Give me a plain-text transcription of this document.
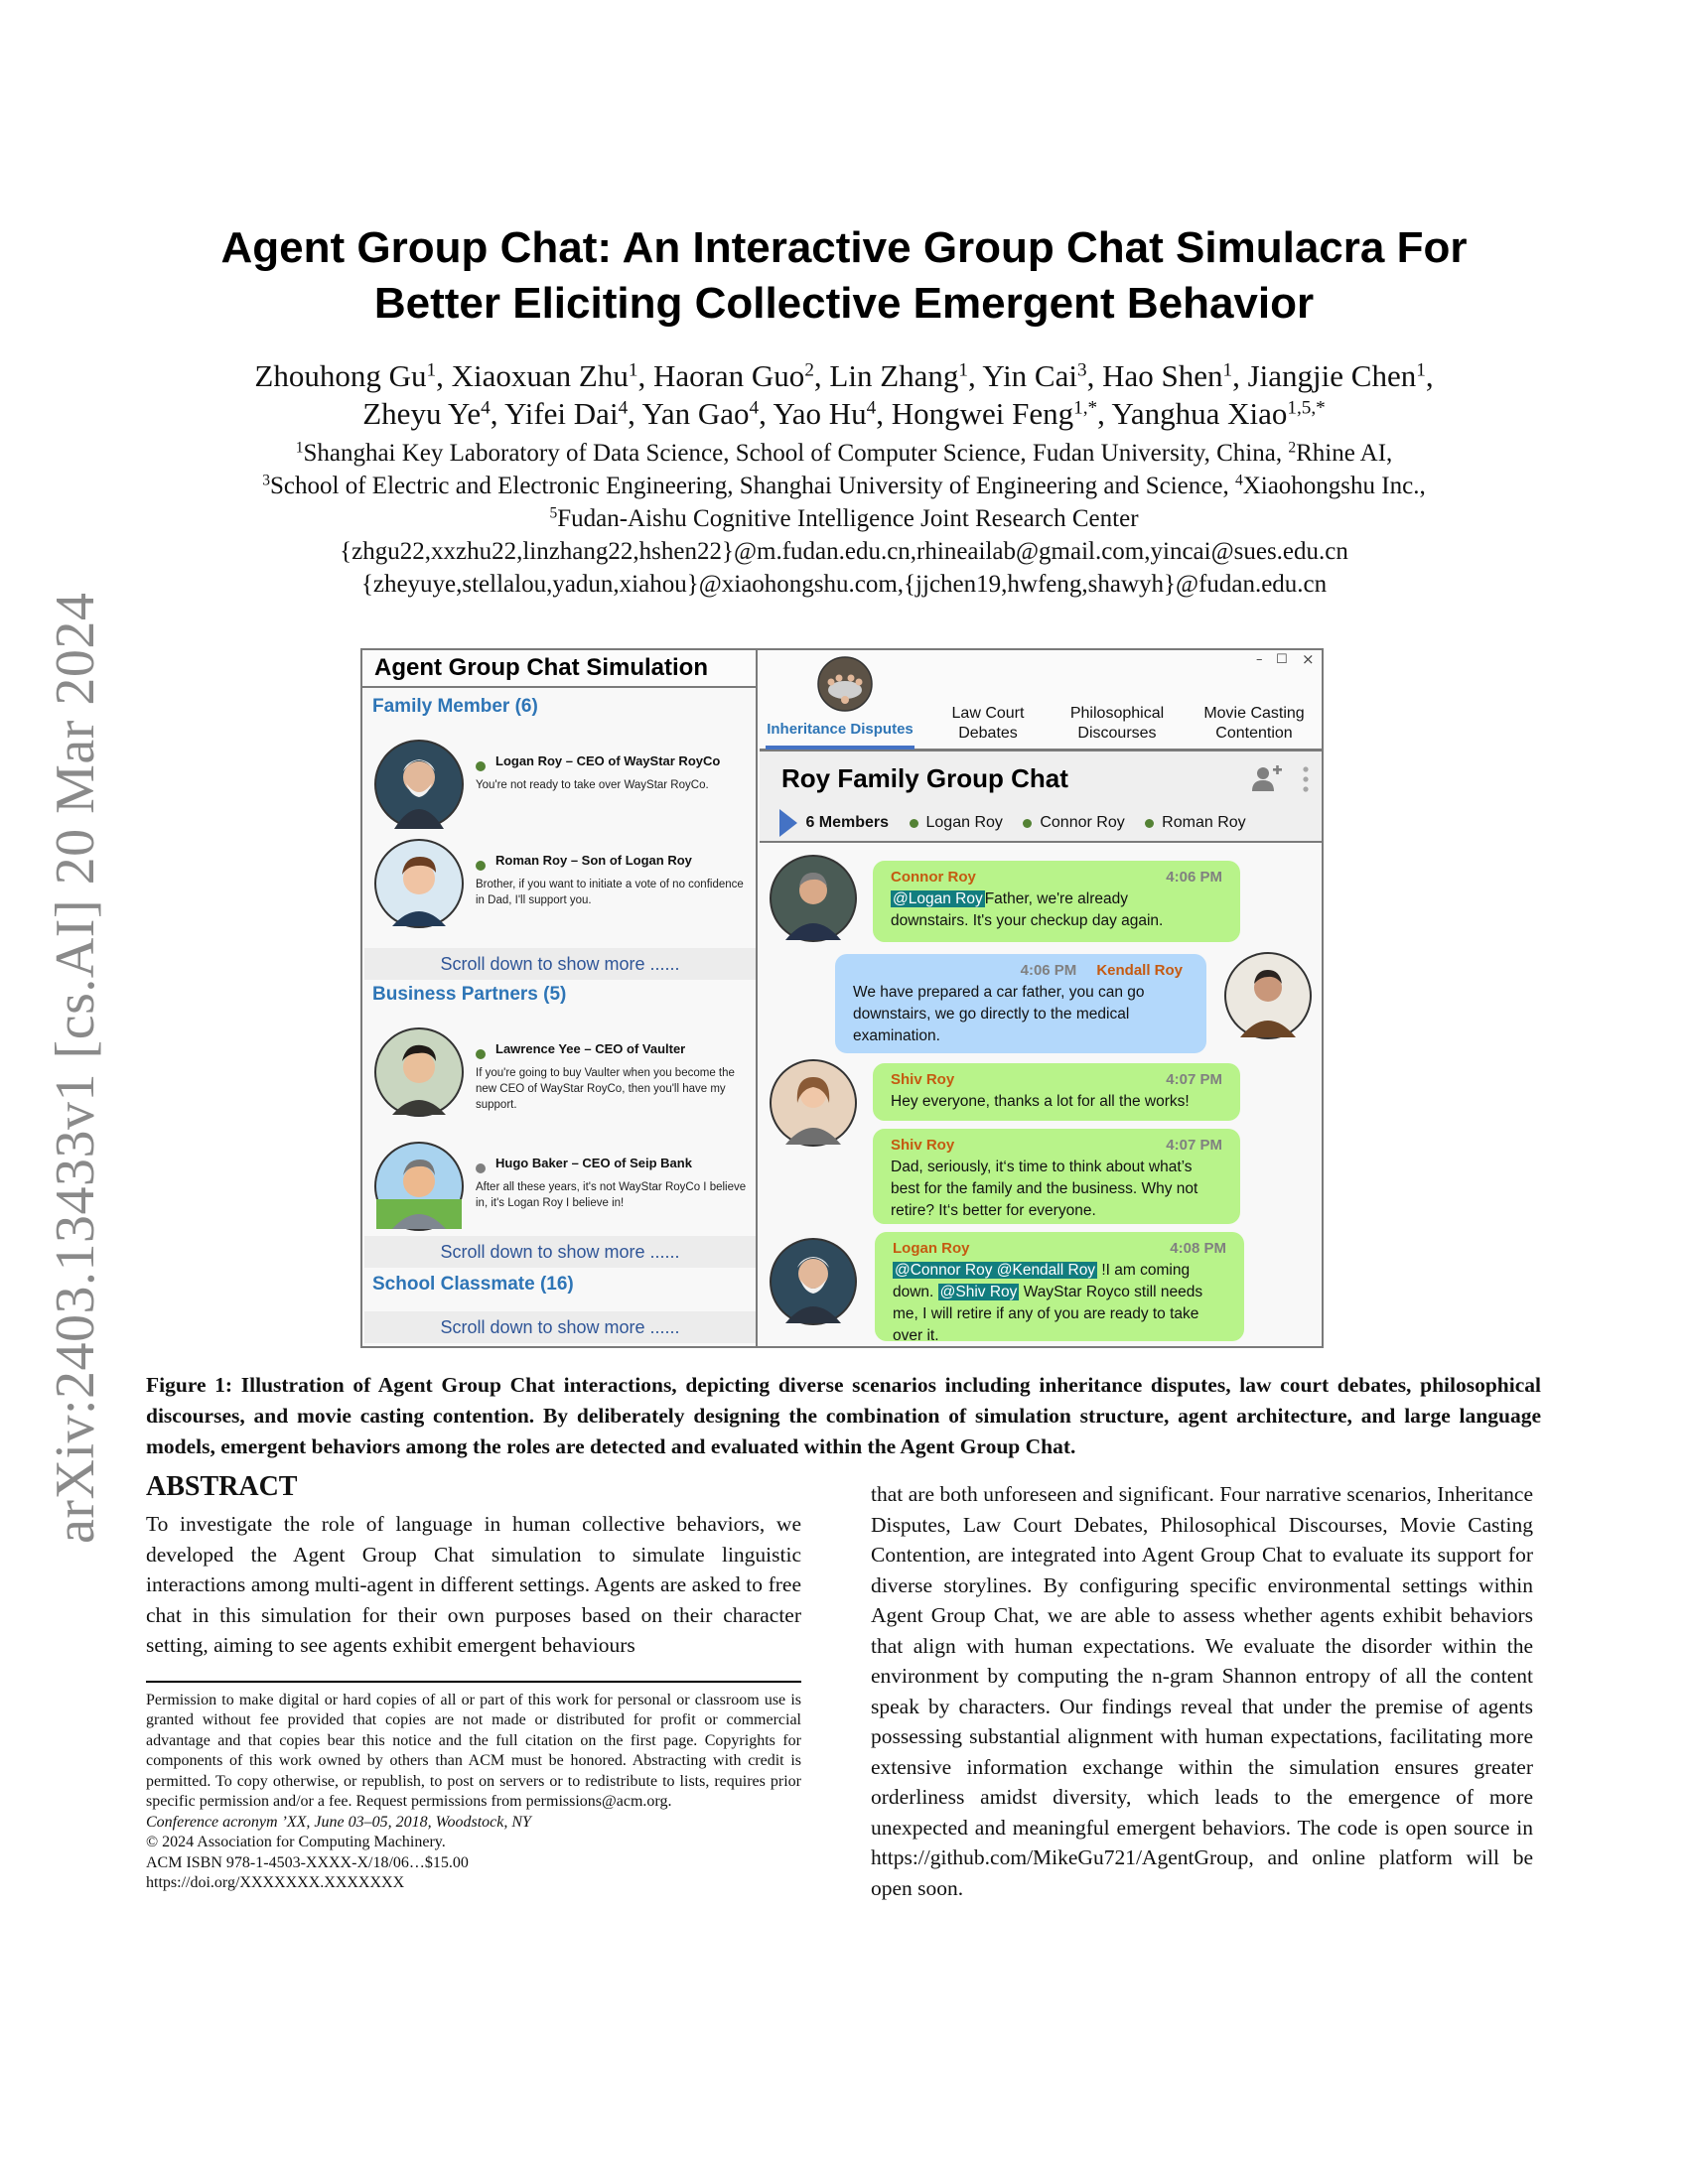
arXiv:2403.13433v1 [cs.AI] 20 Mar 2024
Agent Group Chat: An Interactive Group Chat Simulacra For
Better Eliciting Collective Emergent Behavior
Zhouhong Gu$^1$, Xiaoxuan Zhu$^1$, Haoran Guo$^2$, Lin Zhang$^1$, Yin Cai$^3$, Hao Shen$^1$, Jiangjie Chen$^1$,
Zheyu Ye$^4$, Yifei Dai$^4$, Yan Gao$^4$, Yao Hu$^4$, Hongwei Feng$^{1,*}$, Yanghua Xiao$^{1,5,*}$
$^1$Shanghai Key Laboratory of Data Science, School of Computer Science, Fudan University, China, $^2$Rhine AI,
$^3$School of Electric and Electronic Engineering, Shanghai University of Engineering and Science, $^4$Xiaohongshu Inc.,
$^5$Fudan-Aishu Cognitive Intelligence Joint Research Center
{zhgu22,xxzhu22,linzhang22,hshen22}@m.fudan.edu.cn,rhineailab@gmail.com,yincai@sues.edu.cn
{zheyuye,stellalou,yadun,xiahou}@xiaohongshu.com,{jjchen19,hwfeng,shawyh}@fudan.edu.cn
Agent Group Chat Simulation
Family Member (6)
Logan Roy – CEO of WayStar RoyCo
You're not ready to take over WayStar RoyCo.
Roman Roy – Son of Logan Roy
Brother, if you want to initiate a vote of no confidence in Dad, I'll support you.
Scroll down to show more ......
Business Partners (5)
Lawrence Yee – CEO of Vaulter
If you're going to buy Vaulter when you become the new CEO of WayStar RoyCo, then you'll have my support.
Hugo Baker – CEO of Seip Bank
After all these years, it's not WayStar RoyCo I believe in, it's Logan Roy I believe in!
Scroll down to show more ......
School Classmate (16)
Scroll down to show more ......
Inheritance Disputes
Law Court
Debates
Philosophical
Discourses
Movie Casting
Contention
– ☐ ×
Roy Family Group Chat
6 Members Logan Roy Connor Roy Roman Roy
Connor Roy	4:06 PM
@Logan Roy Father, we're already
downstairs. It's your checkup day again.
4:06 PM Kendall Roy
We have prepared a car father, you can go downstairs, we go directly to the medical examination.
Shiv Roy	4:07 PM
Hey everyone, thanks a lot for all the works!
Shiv Roy	4:07 PM
Dad, seriously, it‘s time to think about what’s best for the family and the business. Why not retire? It‘s better for everyone.
Logan Roy	4:08 PM
@Connor Roy @Kendall Roy !I am coming down. @Shiv Roy WayStar Royco still needs me, I will retire if any of you are ready to take over it.
Figure 1: Illustration of Agent Group Chat interactions, depicting diverse scenarios including inheritance disputes, law court debates, philosophical discourses, and movie casting contention. By deliberately designing the combination of simulation structure, agent architecture, and large language models, emergent behaviors among the roles are detected and evaluated within the Agent Group Chat.
ABSTRACT
To investigate the role of language in human collective behaviors, we developed the Agent Group Chat simulation to simulate linguistic interactions among multi-agent in different settings. Agents are asked to free chat in this simulation for their own purposes based on their character setting, aiming to see agents exhibit emergent behaviours
Permission to make digital or hard copies of all or part of this work for personal or classroom use is granted without fee provided that copies are not made or distributed for profit or commercial advantage and that copies bear this notice and the full citation on the first page. Copyrights for components of this work owned by others than ACM must be honored. Abstracting with credit is permitted. To copy otherwise, or republish, to post on servers or to redistribute to lists, requires prior specific permission and/or a fee. Request permissions from permissions@acm.org.
Conference acronym ’XX, June 03–05, 2018, Woodstock, NY
© 2024 Association for Computing Machinery.
ACM ISBN 978-1-4503-XXXX-X/18/06…$15.00
https://doi.org/XXXXXXX.XXXXXXX
that are both unforeseen and significant. Four narrative scenarios, Inheritance Disputes, Law Court Debates, Philosophical Discourses, Movie Casting Contention, are integrated into Agent Group Chat to evaluate its support for diverse storylines. By configuring specific environmental settings within Agent Group Chat, we are able to assess whether agents exhibit behaviors that align with human expectations. We evaluate the disorder within the environment by computing the n-gram Shannon entropy of all the content speak by characters. Our findings reveal that under the premise of agents possessing substantial alignment with human expectations, facilitating more extensive information exchange within the simulation ensures greater orderliness amidst diversity, which leads to the emergence of more unexpected and meaningful emergent behaviors. The code is open source in https://github.com/MikeGu721/AgentGroup, and online platform will be open soon.
